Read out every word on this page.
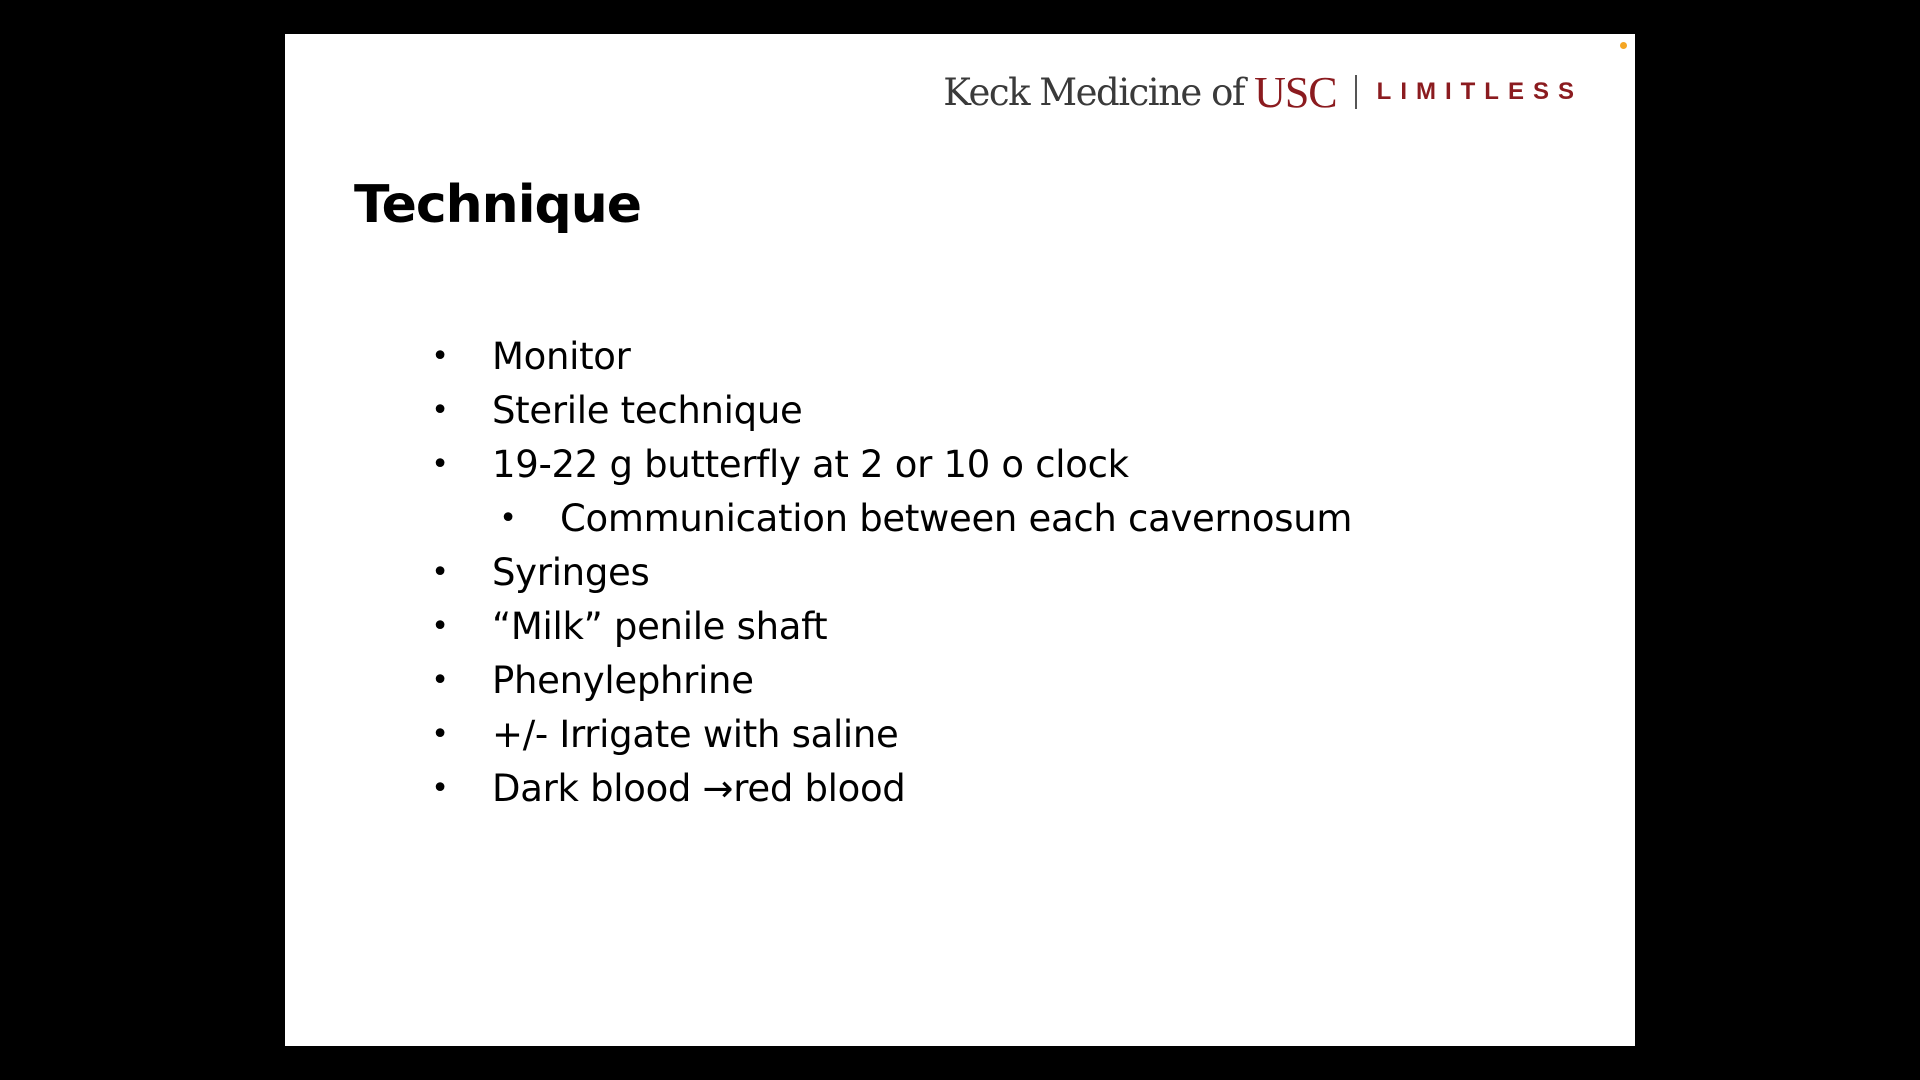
Keck Medicine of USC LIMITLESS
Technique
• Monitor
• Sterile technique
• 19-22 g butterfly at 2 or 10 o clock
• Communication between each cavernosum
• Syringes
• “Milk” penile shaft
• Phenylephrine
• +/- Irrigate with saline
• Dark blood →red blood
